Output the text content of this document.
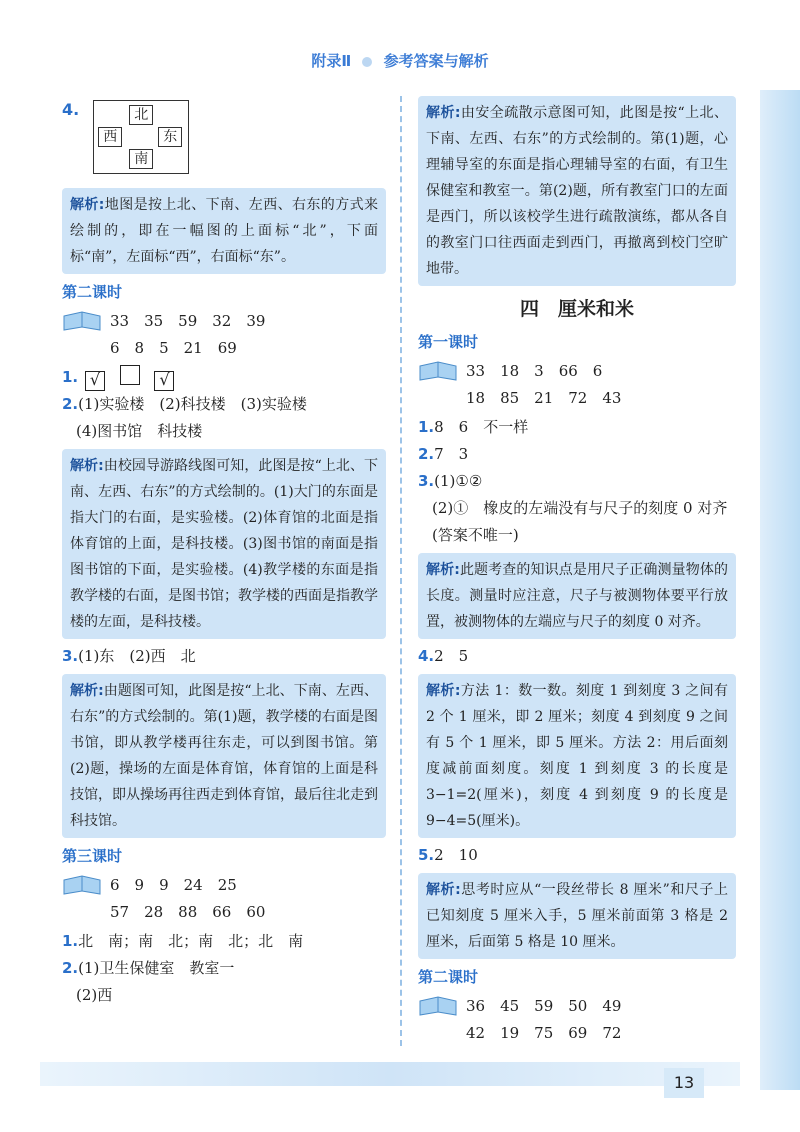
附录Ⅱ 参考答案与解析
4.	北
西	东
南
解析:地图是按上北、下南、左西、右东的方式来绘制的，即在一幅图的上面标“北”，下面标“南”，左面标“西”，右面标“东”。
第二课时
33　35　59　32　39
6　8　5　21　69

1. √	√

2.(1)实验楼　(2)科技楼　(3)实验楼

(4)图书馆　科技楼

解析:由校园导游路线图可知，此图是按“上北、下南、左西、右东”的方式绘制的。(1)大门的东面是指大门的右面，是实验楼。(2)体育馆的北面是指体育馆的上面，是科技楼。(3)图书馆的南面是指图书馆的下面，是实验楼。(4)教学楼的东面是指教学楼的右面，是图书馆；教学楼的西面是指教学楼的左面，是科技楼。

3.(1)东　(2)西　北

解析:由题图可知，此图是按“上北、下南、左西、右东”的方式绘制的。第(1)题，教学楼的右面是图书馆，即从教学楼再往东走，可以到图书馆。第(2)题，操场的左面是体育馆，体育馆的上面是科技馆，即从操场再往西走到体育馆，最后往北走到科技馆。
第三课时
6　9　9　24　25
57　28　88　66　60

1.北　南；南　北；南　北；北　南

2.(1)卫生保健室　教室一

(2)西

解析:由安全疏散示意图可知，此图是按“上北、下南、左西、右东”的方式绘制的。第(1)题，心理辅导室的东面是指心理辅导室的右面，有卫生保健室和教室一。第(2)题，所有教室门口的左面是西门，所以该校学生进行疏散演练，都从各自的教室门口往西面走到西门，再撤离到校门空旷地带。
四　厘米和米
第一课时
33　18　3　66　6
18　85　21　72　43

1.8　6　不一样

2.7　3

3.(1)①②

(2)①　橡皮的左端没有与尺子的刻度 0 对齐

(答案不唯一)

解析:此题考查的知识点是用尺子正确测量物体的长度。测量时应注意，尺子与被测物体要平行放置，被测物体的左端应与尺子的刻度 0 对齐。

4.2　5

解析:方法 1：数一数。刻度 1 到刻度 3 之间有 2 个 1 厘米，即 2 厘米；刻度 4 到刻度 9 之间有 5 个 1 厘米，即 5 厘米。方法 2：用后面刻度减前面刻度。刻度 1 到刻度 3 的长度是 3−1=2(厘米)，刻度 4 到刻度 9 的长度是 9−4=5(厘米)。

5.2　10

解析:思考时应从“一段丝带长 8 厘米”和尺子上已知刻度 5 厘米入手，5 厘米前面第 3 格是 2 厘米，后面第 5 格是 10 厘米。
第二课时
36　45　59　50　49
42　19　75　69　72
13
